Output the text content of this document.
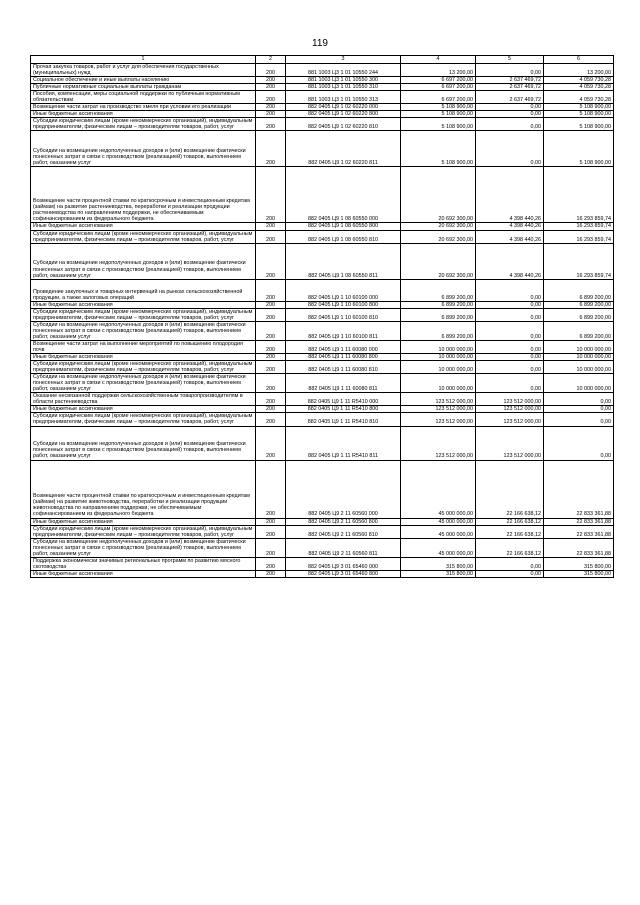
119
1	2	3	4	5	6
Прочая закупка товаров, работ и услуг для обеспечения государственных (муниципальных) нужд	200	881 1003 Ц3 1 01 10550 244	13 200,00	0,00	13 200,00
Социальное обеспечение и иные выплаты населению	200	881 1003 Ц3 1 01 10550 300	6 697 200,00	2 637 469,72	4 059 730,28
Публичные нормативные социальные выплаты гражданам	200	881 1003 Ц3 1 01 10550 310	6 697 200,00	2 637 469,72	4 059 730,28
Пособия, компенсации, меры социальной поддержки по публичным нормативным обязательствам	200	881 1003 Ц3 1 01 10550 313	6 697 200,00	2 637 469,72	4 059 730,28
Возмещение части затрат на производство хмеля при условии его реализации	200	882 0405 Ц9 1 02 60220 000	5 108 900,00	0,00	5 108 900,00
Иные бюджетные ассигнования	200	882 0405 Ц9 1 02 60220 800	5 108 900,00	0,00	5 108 900,00
Субсидии юридическим лицам (кроме некоммерческих организаций), индивидуальным предпринимателям, физическим лицам – производителям товаров, работ, услуг	200	882 0405 Ц9 1 02 60220 810	5 108 900,00	0,00	5 108 900,00
Субсидии на возмещение недополученных доходов и (или) возмещение фактически понесенных затрат в связи с производством (реализацией) товаров, выполнением работ, оказанием услуг	200	882 0405 Ц9 1 02 60220 811	5 108 900,00	0,00	5 108 900,00
Возмещение части процентной ставки по краткосрочным и инвестиционным кредитам (займам) на развитие растениеводства, переработки и реализации продукции растениеводства по направлениям поддержки, не обеспечиваемым софинансированием из федерального бюджета	200	882 0405 Ц9 1 08 60550 000	20 692 300,00	4 398 440,26	16 293 859,74
Иные бюджетные ассигнования	200	882 0405 Ц9 1 08 60550 800	20 692 300,00	4 398 440,26	16 293 859,74
Субсидии юридическим лицам (кроме некоммерческих организаций), индивидуальным предпринимателям, физическим лицам – производителям товаров, работ, услуг	200	882 0405 Ц9 1 08 60550 810	20 692 300,00	4 398 440,26	16 293 859,74
Субсидии на возмещение недополученных доходов и (или) возмещение фактически понесенных затрат в связи с производством (реализацией) товаров, выполнением работ, оказанием услуг	200	882 0405 Ц9 1 08 60550 811	20 692 300,00	4 398 440,26	16 293 859,74
Проведение закупочных и товарных интервенций на рынках сельскохозяйственной продукции, а также залоговых операций	200	882 0405 Ц9 1 10 60100 000	6 899 200,00	0,00	6 899 200,00
Иные бюджетные ассигнования	200	882 0405 Ц9 1 10 60100 800	6 899 200,00	0,00	6 899 200,00
Субсидии юридическим лицам (кроме некоммерческих организаций), индивидуальным предпринимателям, физическим лицам – производителям товаров, работ, услуг	200	882 0405 Ц9 1 10 60100 810	6 899 200,00	0,00	6 899 200,00
Субсидии на возмещение недополученных доходов и (или) возмещение фактически понесенных затрат в связи с производством (реализацией) товаров, выполнением работ, оказанием услуг	200	882 0405 Ц9 1 10 60100 811	6 899 200,00	0,00	6 899 200,00
Возмещение части затрат на выполнение мероприятий по повышению плодородия почв	200	882 0405 Ц9 1 11 60080 000	10 000 000,00	0,00	10 000 000,00
Иные бюджетные ассигнования	200	882 0405 Ц9 1 11 60080 800	10 000 000,00	0,00	10 000 000,00
Субсидии юридическим лицам (кроме некоммерческих организаций), индивидуальным предпринимателям, физическим лицам – производителям товаров, работ, услуг	200	882 0405 Ц9 1 11 60080 810	10 000 000,00	0,00	10 000 000,00
Субсидии на возмещение недополученных доходов и (или) возмещение фактически понесенных затрат в связи с производством (реализацией) товаров, выполнением работ, оказанием услуг	200	882 0405 Ц9 1 11 60080 811	10 000 000,00	0,00	10 000 000,00
Оказание несвязанной поддержки сельскохозяйственным товаропроизводителям в области растениеводства	200	882 0405 Ц9 1 11 R5410 000	123 512 000,00	123 512 000,00	0,00
Иные бюджетные ассигнования	200	882 0405 Ц9 1 11 R5410 800	123 512 000,00	123 512 000,00	0,00
Субсидии юридическим лицам (кроме некоммерческих организаций), индивидуальным предпринимателям, физическим лицам – производителям товаров, работ, услуг	200	882 0405 Ц9 1 11 R5410 810	123 512 000,00	123 512 000,00	0,00
Субсидии на возмещение недополученных доходов и (или) возмещение фактически понесенных затрат в связи с производством (реализацией) товаров, выполнением работ, оказанием услуг	200	882 0405 Ц9 1 11 R5410 811	123 512 000,00	123 512 000,00	0,00
Возмещение части процентной ставки по краткосрочным и инвестиционным кредитам (займам) на развитие животноводства, переработки и реализации продукции животноводства по направлениям поддержки, не обеспечиваемым софинансированием из федерального бюджета	200	882 0405 Ц9 2 11 60560 000	45 000 000,00	22 166 638,12	22 833 361,88
Иные бюджетные ассигнования	200	882 0405 Ц9 2 11 60560 800	45 000 000,00	22 166 638,12	22 833 361,88
Субсидии юридическим лицам (кроме некоммерческих организаций), индивидуальным предпринимателям, физическим лицам – производителям товаров, работ, услуг	200	882 0405 Ц9 2 11 60560 810	45 000 000,00	22 166 638,12	22 833 361,88
Субсидии на возмещение недополученных доходов и (или) возмещение фактически понесенных затрат в связи с производством (реализацией) товаров, выполнением работ, оказанием услуг	200	882 0405 Ц9 2 11 60560 811	45 000 000,00	22 166 638,12	22 833 361,88
Поддержка экономически значимых региональных программ по развитию мясного скотоводства	200	882 0405 Ц9 3 01 65460 000	315 800,00	0,00	315 800,00
Иные бюджетные ассигнования	200	882 0405 Ц9 3 01 65460 800	315 800,00	0,00	315 800,00
